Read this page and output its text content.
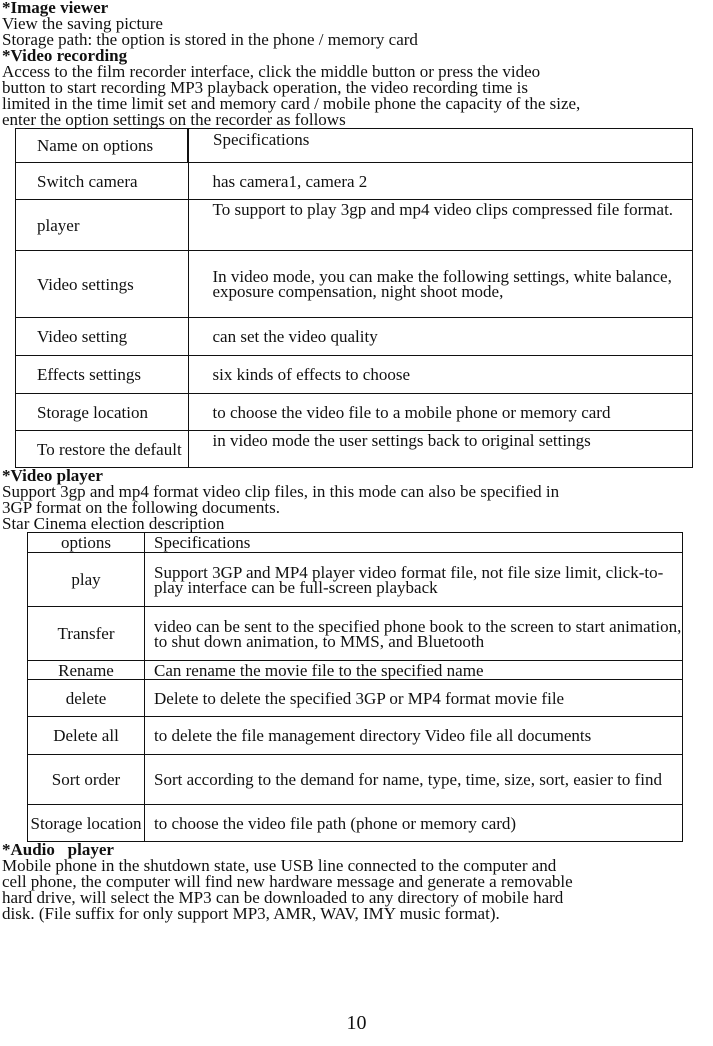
*Image viewer
View the saving picture
Storage path: the option is stored in the phone / memory card
*Video recording
Access to the film recorder interface, click the middle button or press the video
button to start recording MP3 playback operation, the video recording time is
limited in the time limit set and memory card / mobile phone the capacity of the size,
enter the option settings on the recorder as follows
Name on options	Specifications
Switch camera	has camera1, camera 2
player	To support to play 3gp and mp4 video clips compressed file format.
Video settings	In video mode, you can make the following settings, white balance, exposure compensation, night shoot mode,
Video setting	can set the video quality
Effects settings	six kinds of effects to choose
Storage location	to choose the video file to a mobile phone or memory card
To restore the default	in video mode the user settings back to original settings
*Video player
Support 3gp and mp4 format video clip files, in this mode can also be specified in
3GP format on the following documents.
Star Cinema election description
options	Specifications
play	Support 3GP and MP4 player video format file, not file size limit, click-to-play interface can be full-screen playback
Transfer	video can be sent to the specified phone book to the screen to start animation, to shut down animation, to MMS, and Bluetooth
Rename	Can rename the movie file to the specified name
delete	Delete to delete the specified 3GP or MP4 format movie file
Delete all	to delete the file management directory Video file all documents
Sort order	Sort according to the demand for name, type, time, size, sort, easier to find
Storage location	to choose the video file path (phone or memory card)
*Audio   player
Mobile phone in the shutdown state, use USB line connected to the computer and
cell phone, the computer will find new hardware message and generate a removable
hard drive, will select the MP3 can be downloaded to any directory of mobile hard
disk. (File suffix for only support MP3, AMR, WAV, IMY music format).
10
